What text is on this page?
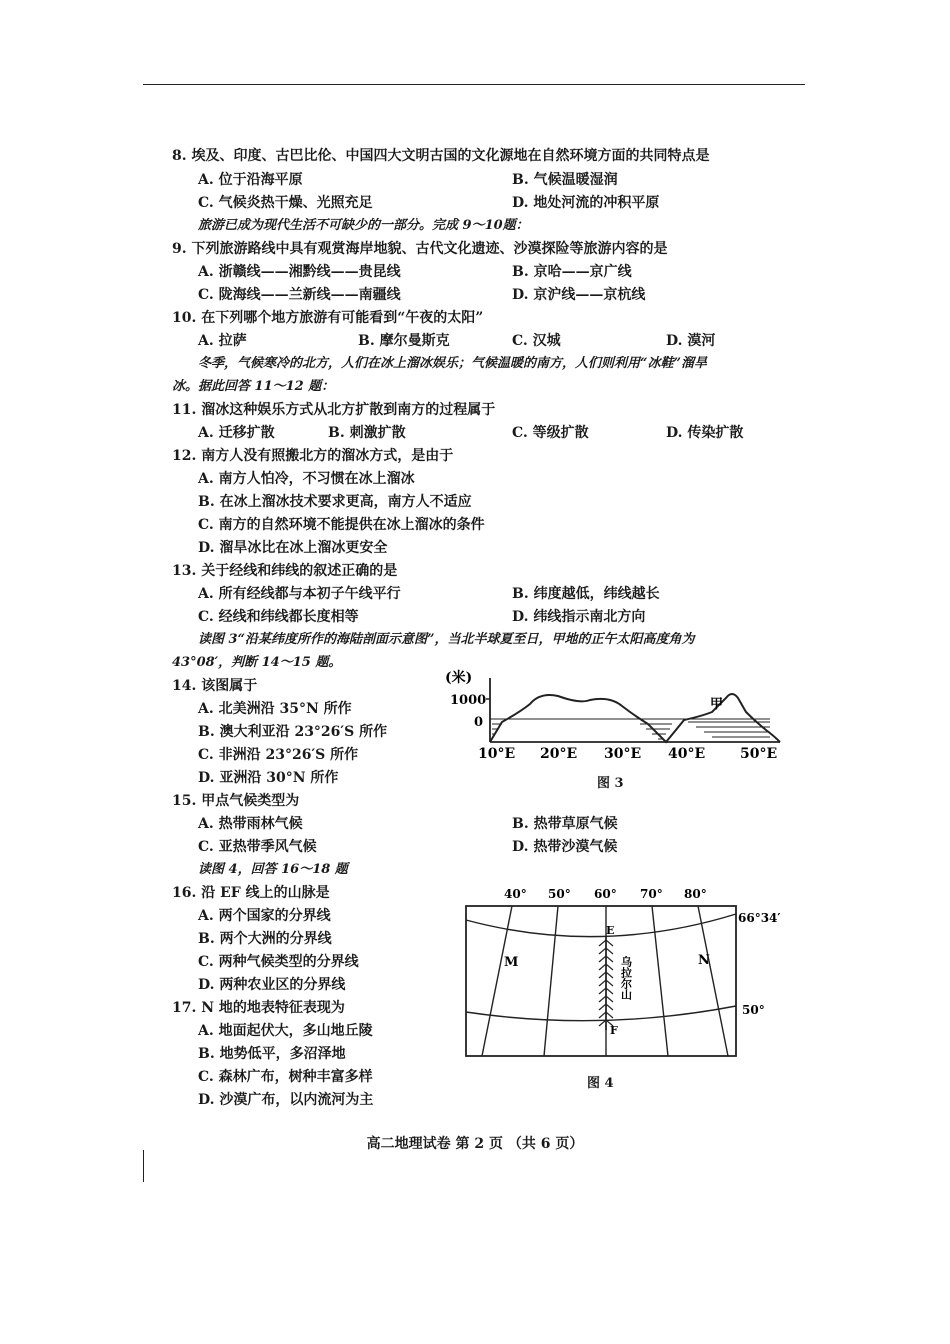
8. 埃及、印度、古巴比伦、中国四大文明古国的文化源地在自然环境方面的共同特点是
A. 位于沿海平原	B. 气候温暖湿润
C. 气候炎热干燥、光照充足	D. 地处河流的冲积平原
旅游已成为现代生活不可缺少的一部分。完成 9～10题：
9. 下列旅游路线中具有观赏海岸地貌、古代文化遗迹、沙漠探险等旅游内容的是
A. 浙赣线——湘黔线——贵昆线	B. 京哈——京广线
C. 陇海线——兰新线——南疆线	D. 京沪线——京杭线
10. 在下列哪个地方旅游有可能看到“午夜的太阳”
A. 拉萨	B. 摩尔曼斯克	C. 汉城	D. 漠河
冬季，气候寒冷的北方，人们在冰上溜冰娱乐；气候温暖的南方，人们则利用“冰鞋”溜旱
冰。据此回答 11～12 题：
11. 溜冰这种娱乐方式从北方扩散到南方的过程属于
A. 迁移扩散	B. 刺激扩散	C. 等级扩散	D. 传染扩散
12. 南方人没有照搬北方的溜冰方式，是由于
A. 南方人怕冷，不习惯在冰上溜冰
B. 在冰上溜冰技术要求更高，南方人不适应
C. 南方的自然环境不能提供在冰上溜冰的条件
D. 溜旱冰比在冰上溜冰更安全
13. 关于经线和纬线的叙述正确的是
A. 所有经线都与本初子午线平行	B. 纬度越低，纬线越长
C. 经线和纬线都长度相等	D. 纬线指示南北方向
读图 3“沿某纬度所作的海陆剖面示意图”，当北半球夏至日，甲地的正午太阳高度角为
43°08′，判断 14～15 题。
14. 该图属于
A. 北美洲沿 35°N 所作
B. 澳大利亚沿 23°26′S 所作
C. 非洲沿 23°26′S 所作
D. 亚洲沿 30°N 所作
15. 甲点气候类型为
A. 热带雨林气候	B. 热带草原气候
C. 亚热带季风气候	D. 热带沙漠气候
读图 4，回答 16～18 题
16. 沿 EF 线上的山脉是
A. 两个国家的分界线
B. 两个大洲的分界线
C. 两种气候类型的分界线
D. 两种农业区的分界线
17. N 地的地表特征表现为
A. 地面起伏大，多山地丘陵
B. 地势低平，多沼泽地
C. 森林广布，树种丰富多样
D. 沙漠广布，以内流河为主
(米)
1000
0
甲
10°E 20°E 30°E 40°E 50°E
图 3
40° 50° 60° 70° 80°
66°34′
50°
M	N
E
F
乌拉尔山
图 4
高二地理试卷 第 2 页 （共 6 页）
